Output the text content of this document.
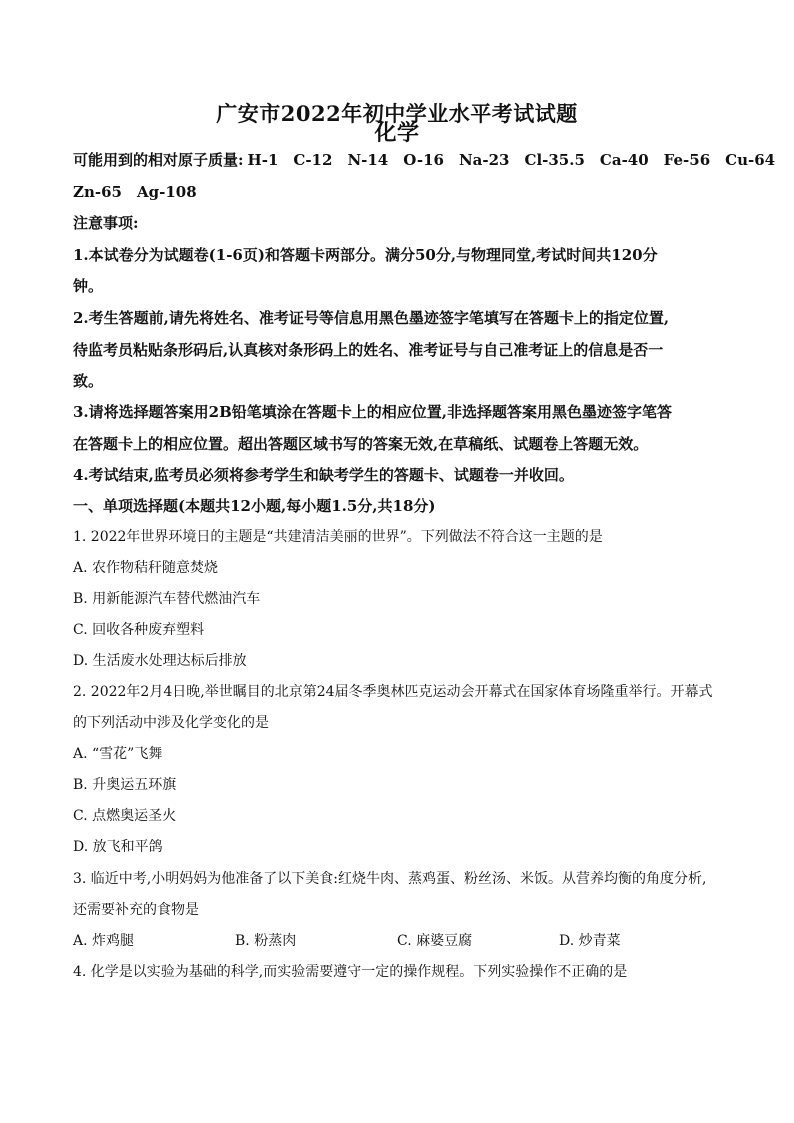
广安市2022年初中学业水平考试试题
化学
可能用到的相对原子质量: H-1 C-12 N-14 O-16 Na-23 Cl-35.5 Ca-40 Fe-56 Cu-64
Zn-65 Ag-108
注意事项:
1.本试卷分为试题卷(1-6页)和答题卡两部分。满分50分,与物理同堂,考试时间共120分
钟。
2.考生答题前,请先将姓名、准考证号等信息用黑色墨迹签字笔填写在答题卡上的指定位置,
待监考员粘贴条形码后,认真核对条形码上的姓名、准考证号与自己准考证上的信息是否一
致。
3.请将选择题答案用2B铅笔填涂在答题卡上的相应位置,非选择题答案用黑色墨迹签字笔答
在答题卡上的相应位置。超出答题区域书写的答案无效,在草稿纸、试题卷上答题无效。
4.考试结束,监考员必须将参考学生和缺考学生的答题卡、试题卷一并收回。
一、单项选择题(本题共12小题,每小题1.5分,共18分)
1. 2022年世界环境日的主题是“共建清洁美丽的世界”。下列做法不符合这一主题的是
A. 农作物秸秆随意焚烧
B. 用新能源汽车替代燃油汽车
C. 回收各种废弃塑料
D. 生活废水处理达标后排放
2. 2022年2月4日晚,举世瞩目的北京第24届冬季奥林匹克运动会开幕式在国家体育场隆重举行。开幕式
的下列活动中涉及化学变化的是
A. “雪花”飞舞
B. 升奥运五环旗
C. 点燃奥运圣火
D. 放飞和平鸽
3. 临近中考,小明妈妈为他准备了以下美食:红烧牛肉、蒸鸡蛋、粉丝汤、米饭。从营养均衡的角度分析,
还需要补充的食物是
A. 炸鸡腿	B. 粉蒸肉	C. 麻婆豆腐	D. 炒青菜
4. 化学是以实验为基础的科学,而实验需要遵守一定的操作规程。下列实验操作不正确的是
